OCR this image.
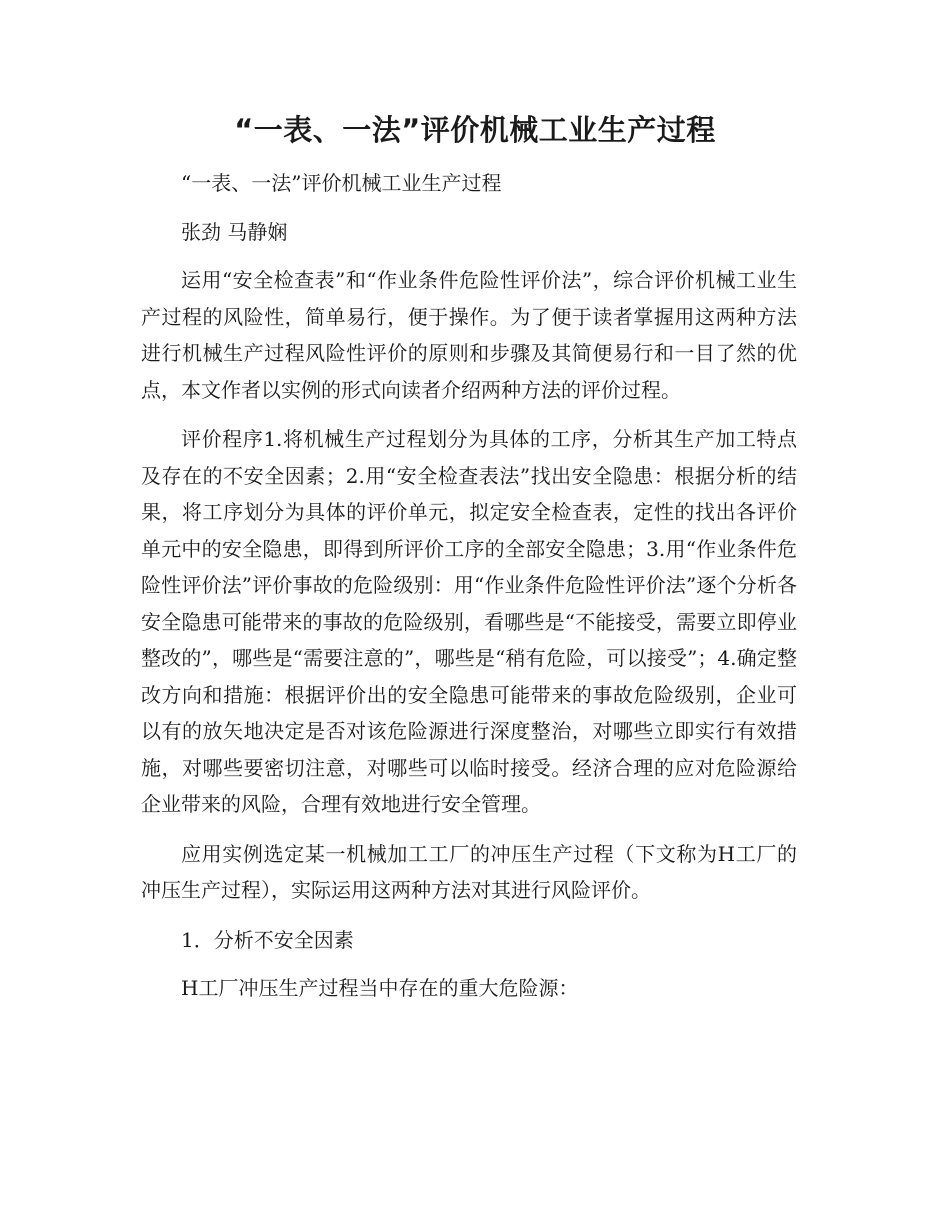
“一表、一法”评价机械工业生产过程

“一表、一法”评价机械工业生产过程

张劲 马静娴

运用“安全检查表”和“作业条件危险性评价法”，综合评价机械工业生产过程的风险性，简单易行，便于操作。为了便于读者掌握用这两种方法进行机械生产过程风险性评价的原则和步骤及其简便易行和一目了然的优点，本文作者以实例的形式向读者介绍两种方法的评价过程。

评价程序1.将机械生产过程划分为具体的工序，分析其生产加工特点及存在的不安全因素；2.用“安全检查表法”找出安全隐患：根据分析的结果，将工序划分为具体的评价单元，拟定安全检查表，定性的找出各评价单元中的安全隐患，即得到所评价工序的全部安全隐患；3.用“作业条件危险性评价法”评价事故的危险级别：用“作业条件危险性评价法”逐个分析各安全隐患可能带来的事故的危险级别，看哪些是“不能接受，需要立即停业整改的”，哪些是“需要注意的”，哪些是“稍有危险，可以接受”；4.确定整改方向和措施：根据评价出的安全隐患可能带来的事故危险级别，企业可以有的放矢地决定是否对该危险源进行深度整治，对哪些立即实行有效措施，对哪些要密切注意，对哪些可以临时接受。经济合理的应对危险源给企业带来的风险，合理有效地进行安全管理。

应用实例选定某一机械加工工厂的冲压生产过程（下文称为H工厂的冲压生产过程），实际运用这两种方法对其进行风险评价。

1．分析不安全因素

H工厂冲压生产过程当中存在的重大危险源：
